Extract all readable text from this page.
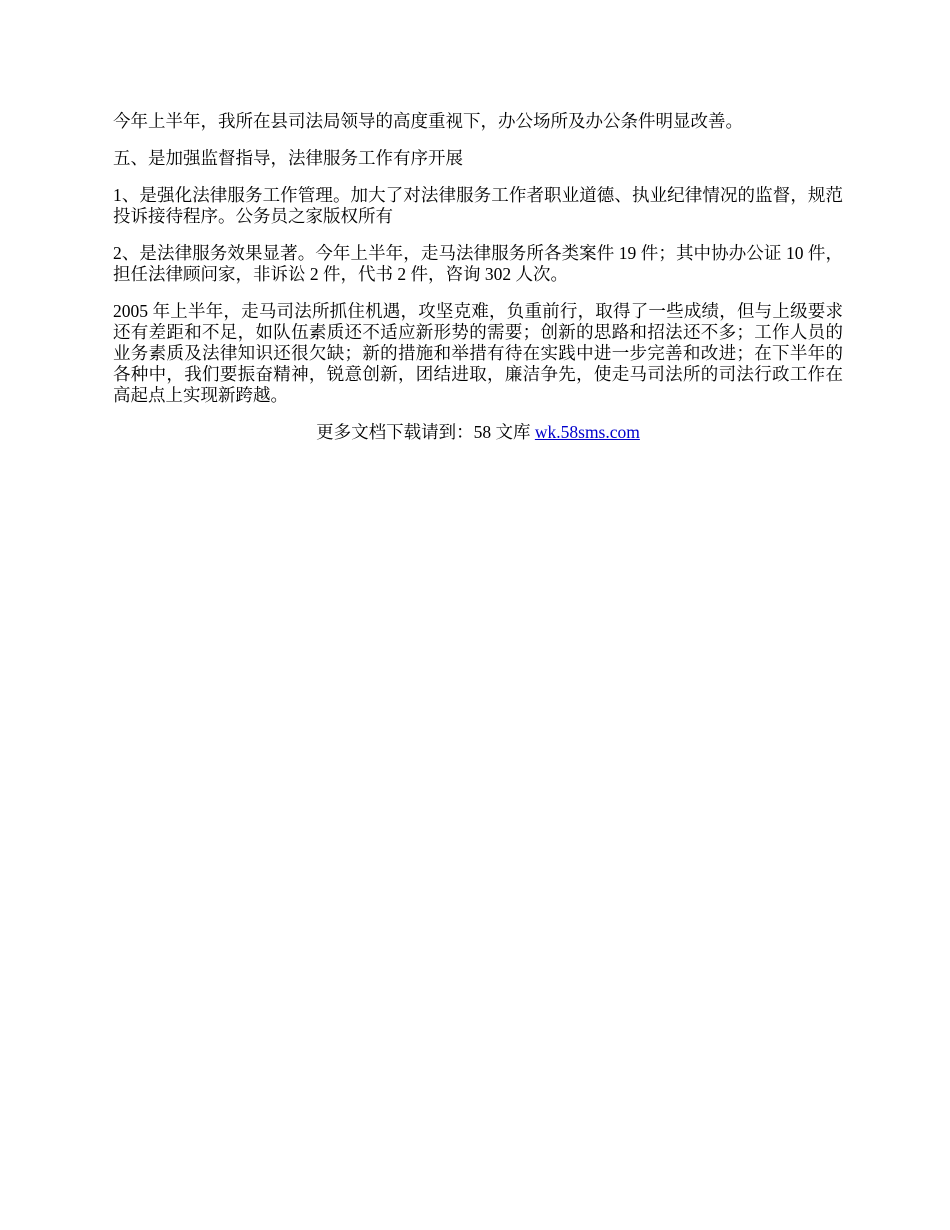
今年上半年，我所在县司法局领导的高度重视下，办公场所及办公条件明显改善。

五、是加强监督指导，法律服务工作有序开展

1、是强化法律服务工作管理。加大了对法律服务工作者职业道德、执业纪律情况的监督，规范投诉接待程序。公务员之家版权所有

2、是法律服务效果显著。今年上半年，走马法律服务所各类案件 19 件；其中协办公证 10 件，担任法律顾问家，非诉讼 2 件，代书 2 件，咨询 302 人次。

2005 年上半年，走马司法所抓住机遇，攻坚克难，负重前行，取得了一些成绩，但与上级要求还有差距和不足，如队伍素质还不适应新形势的需要；创新的思路和招法还不多；工作人员的业务素质及法律知识还很欠缺；新的措施和举措有待在实践中进一步完善和改进；在下半年的各种中，我们要振奋精神，锐意创新，团结进取，廉洁争先，使走马司法所的司法行政工作在高起点上实现新跨越。

更多文档下载请到：58 文库 wk.58sms.com
